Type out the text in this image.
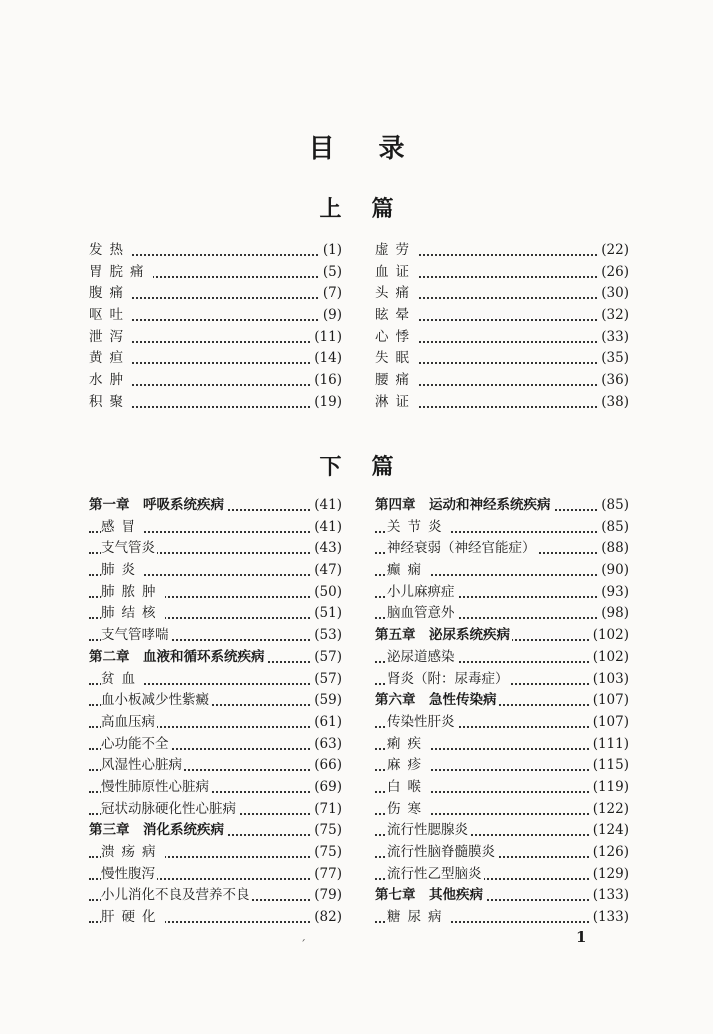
目录
上篇
发热	(1)
胃脘痛	(5)
腹痛	(7)
呕吐	(9)
泄泻	(11)
黄疸	(14)
水肿	(16)
积聚	(19)
虚劳	(22)
血证	(26)
头痛	(30)
眩晕	(32)
心悸	(33)
失眠	(35)
腰痛	(36)
淋证	(38)
下篇
第一章　呼吸系统疾病	(41)
感冒	(41)
支气管炎	(43)
肺炎	(47)
肺脓肿	(50)
肺结核	(51)
支气管哮喘	(53)
第二章　血液和循环系统疾病	(57)
贫血	(57)
血小板减少性紫癜	(59)
高血压病	(61)
心功能不全	(63)
风湿性心脏病	(66)
慢性肺原性心脏病	(69)
冠状动脉硬化性心脏病	(71)
第三章　消化系统疾病	(75)
溃疡病	(75)
慢性腹泻	(77)
小儿消化不良及营养不良	(79)
肝硬化	(82)
第四章　运动和神经系统疾病	(85)
关节炎	(85)
神经衰弱（神经官能症）	(88)
癫痫	(90)
小儿麻痹症	(93)
脑血管意外	(98)
第五章　泌尿系统疾病	(102)
泌尿道感染	(102)
肾炎（附：尿毒症）	(103)
第六章　急性传染病	(107)
传染性肝炎	(107)
痢疾	(111)
麻疹	(115)
白喉	(119)
伤寒	(122)
流行性腮腺炎	(124)
流行性脑脊髓膜炎	(126)
流行性乙型脑炎	(129)
第七章　其他疾病	(133)
糖尿病	(133)
1
ˊ
